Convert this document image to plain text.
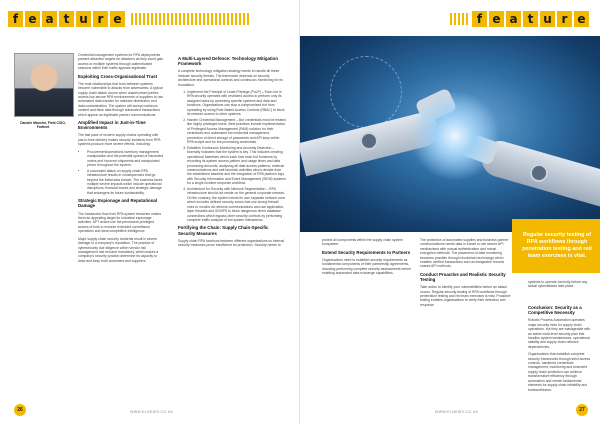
f e a t u r e
Daniele Mancini, Field CISO, Fortinet

Credential management systems for RPA deployments present attractive targets for attackers as they could gain access to multiple systems through authenticated sessions within their traffic appears legitimate.

Exploiting Cross-Organisational Trust

The trust relationships that form between systems become vulnerable to attacks from adversaries. A typical supply chain attack occurs when unauthorised parties access low-secure RPA environments of suppliers to use automated data transfer for malware distribution and data contamination. The system will accept malicious content and false data through automated transactions which appear as legitimate partner communications.

Amplified Impact in Just-in-Time Environments

The fast pace of modern supply chains operating with just-in-time delivery makes security incidents from RPA systems produce more severe effects, including:

• Procurement/operations inventory management manipulation and the potential spread of fraudulent orders and incorrect shipments and manipulated prices throughout the system.
• A successful attack on supply chain RPA infrastructure results in consequences that go beyond the initial data breach. The business faces multiple severe impacts which include operational disruptions, financial losses and strategic damage that endangers its future sustainability.
Strategic Espionage and Reputational Damage

The transaction flow from RPA system breaches makes them an appealing target for industrial espionage activities. APT actors use the permanent privileged access of bots to execute extended surveillance operations and steal competitive intelligence.

Major supply chain security incidents result in severe damage to a company's reputation. The practice of cybersecurity due diligence within vendor risk management has become mandatory, which makes a company's security position determine its capacity to draw and keep both customers and suppliers.

A Multi-Layered Defence: Technology Mitigation Framework

A complete technology mitigation strategy needs to handle all these intricate security threats. The framework depends on security architecture and operational controls and continuous monitoring for its foundation.

1. Implement the Principle of Least Privilege (PoLP) – Each bot in RPA security operates with restricted access to perform only its assigned tasks by accessing specific systems and data and functions. Organisations can stop a compromised bot from spreading by using Role-Based Access Controls (RBAC) to block its network access to other systems.
2. Harden Credential Management – Bot credentials must be treated like highly privileged users. Best practices include implementation of Privileged Access Management (PAM) solution for their centralised and automated bot credential management, prevention of direct storage of passwords and API keys within RPA scripts and for bot processing credentials.
3. Establish Continuous Monitoring and Anomaly Detection – Normally indicates that the system is key. This includes creating operational baselines which track how each bot functions by recording its system access pattern and usage times and data processing amounts, analysing all data access patterns, external communications and self-heuristic activities which deviate from the established baseline and the integration of RPA platform logs with Security Information and Event Management (SIEM) systems for a single incident response workflow.
4. Architecture for Security with Network Segmentation – RPA infrastructure should not reside on the general corporate network. On the contrary, the system needs its own separate network zone which includes defined security zones that use strong firewall rules to monitor all network communications and use application-layer firewalls and IDS/IPS to block dangerous direct database connections which bypass other security controls by performing complete traffic analysis of bot system interactions.
Fortifying the Chain: Supply Chain-Specific Security Measures

Supply chain RPA functions between different organisations so internal security measures prove insufficient for protection. Security needs to

26	WWW.ELNEWS.CO.UK
f e a t u r e

protect all components within the supply chain system ecosystem.

Extend Security Requirements to Partners

Organisations need to establish security requirements as fundamental components of their partnership agreements, including performing complete security assessments before enabling automated data exchange capabilities.

The protection of automated supplies and business partner communications needs data in transit to use secure API mechanisms with mutual authentication and robust encryption methods. The placement of data monitoring becomes possible through blockchain technology which enables verified transactions and unchangeable records shared API methods.

Conduct Proactive and Realistic Security Testing

Take action to identify your vulnerabilities before an attack occurs. Regular security testing of RPA workflows through penetration testing and red team exercises is vital. Proactive testing enables organisations to verify their detection and response

Regular security testing of RPA workflows through penetration testing and red team exercises is vital.
systems to operate correctly before any actual cyberattacks take place.
Conclusion: Security as a Competitive Necessity

Robotic Process Automation operates major security risks for supply chain operations, but they are manageable with an active multi-level security plan that handles system weaknesses, operational stability and supply chain network dependencies.

Organisations that establish complete security frameworks through strict access controls, hardened credentials management, monitoring and extended supply chain protection can achieve transformative efficiency through automation and create fundamental elements for supply chain reliability and trustworthiness.

WWW.ELNEWS.CO.UK	27
